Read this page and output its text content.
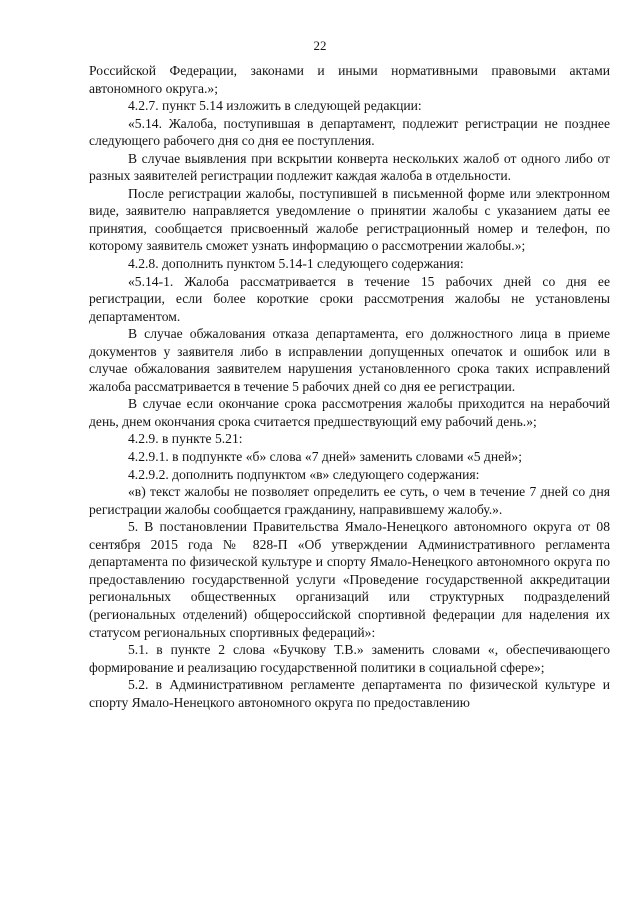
22

Российской Федерации, законами и иными нормативными правовыми актами автономного округа.»;

4.2.7. пункт 5.14 изложить в следующей редакции:

«5.14. Жалоба, поступившая в департамент, подлежит регистрации не позднее следующего рабочего дня со дня ее поступления.

В случае выявления при вскрытии конверта нескольких жалоб от одного либо от разных заявителей регистрации подлежит каждая жалоба в отдельности.

После регистрации жалобы, поступившей в письменной форме или электронном виде, заявителю направляется уведомление о принятии жалобы с указанием даты ее принятия, сообщается присвоенный жалобе регистрационный номер и телефон, по которому заявитель сможет узнать информацию о рассмотрении жалобы.»;

4.2.8. дополнить пунктом 5.14-1 следующего содержания:

«5.14-1. Жалоба рассматривается в течение 15 рабочих дней со дня ее регистрации, если более короткие сроки рассмотрения жалобы не установлены департаментом.

В случае обжалования отказа департамента, его должностного лица в приеме документов у заявителя либо в исправлении допущенных опечаток и ошибок или в случае обжалования заявителем нарушения установленного срока таких исправлений жалоба рассматривается в течение 5 рабочих дней со дня ее регистрации.

В случае если окончание срока рассмотрения жалобы приходится на нерабочий день, днем окончания срока считается предшествующий ему рабочий день.»;

4.2.9. в пункте 5.21:

4.2.9.1. в подпункте «б» слова «7 дней» заменить словами «5 дней»;

4.2.9.2. дополнить подпунктом «в» следующего содержания:

«в) текст жалобы не позволяет определить ее суть, о чем в течение 7 дней со дня регистрации жалобы сообщается гражданину, направившему жалобу.».

5. В постановлении Правительства Ямало-Ненецкого автономного округа от 08 сентября 2015 года № 828-П «Об утверждении Административного регламента департамента по физической культуре и спорту Ямало-Ненецкого автономного округа по предоставлению государственной услуги «Проведение государственной аккредитации региональных общественных организаций или структурных подразделений (региональных отделений) общероссийской спортивной федерации для наделения их статусом региональных спортивных федераций»:

5.1. в пункте 2 слова «Бучкову Т.В.» заменить словами «, обеспечивающего формирование и реализацию государственной политики в социальной сфере»;

5.2. в Административном регламенте департамента по физической культуре и спорту Ямало-Ненецкого автономного округа по предоставлению
